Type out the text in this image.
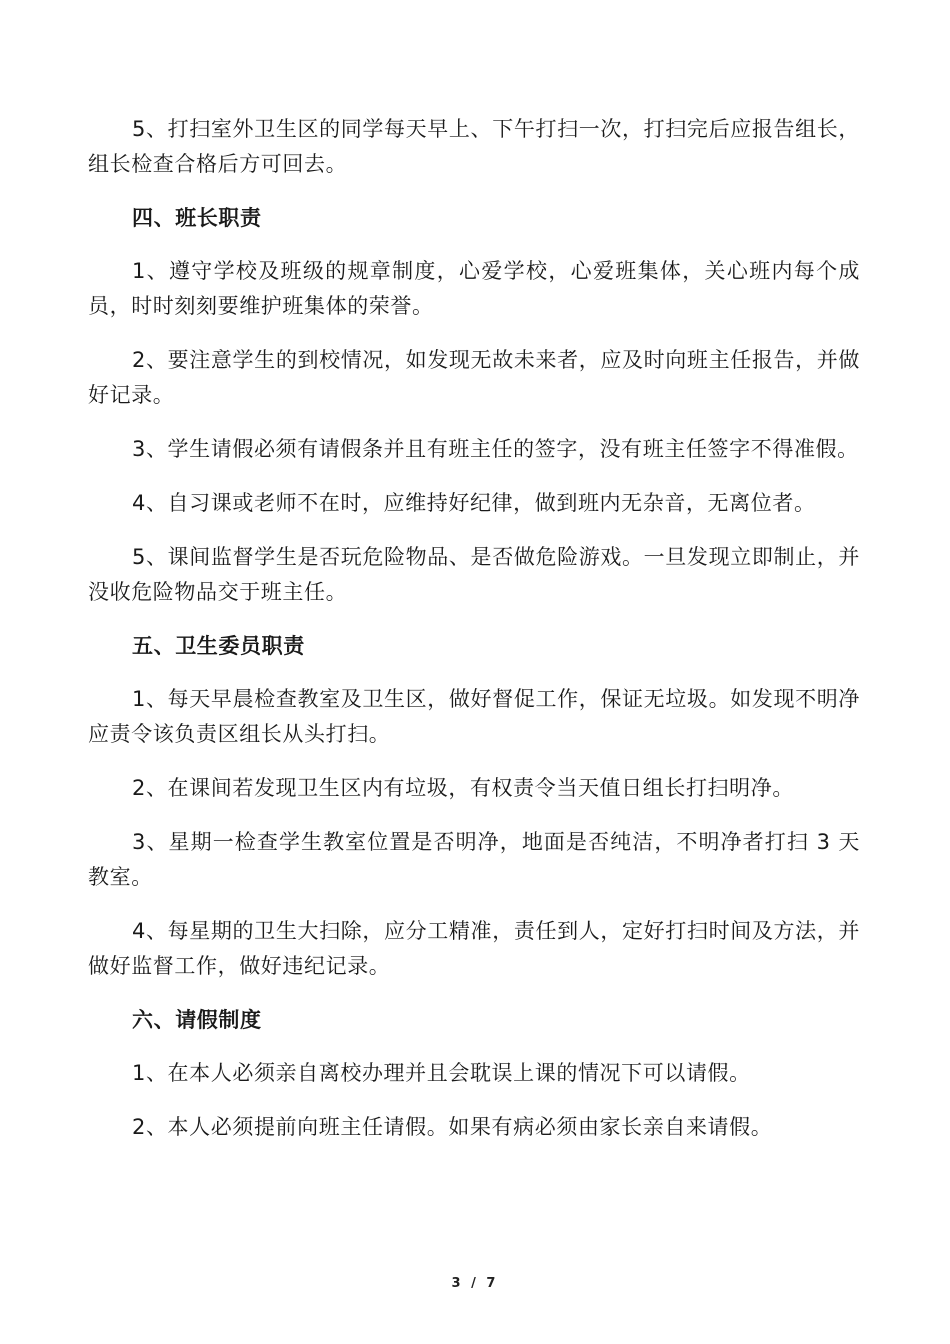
5、打扫室外卫生区的同学每天早上、下午打扫一次，打扫完后应报告组长，组长检查合格后方可回去。

四、班长职责

1、遵守学校及班级的规章制度，心爱学校，心爱班集体，关心班内每个成员，时时刻刻要维护班集体的荣誉。

2、要注意学生的到校情况，如发现无故未来者，应及时向班主任报告，并做好记录。

3、学生请假必须有请假条并且有班主任的签字，没有班主任签字不得准假。

4、自习课或老师不在时，应维持好纪律，做到班内无杂音，无离位者。

5、课间监督学生是否玩危险物品、是否做危险游戏。一旦发现立即制止，并没收危险物品交于班主任。

五、卫生委员职责

1、每天早晨检查教室及卫生区，做好督促工作，保证无垃圾。如发现不明净应责令该负责区组长从头打扫。

2、在课间若发现卫生区内有垃圾，有权责令当天值日组长打扫明净。

3、星期一检查学生教室位置是否明净，地面是否纯洁，不明净者打扫 3 天教室。

4、每星期的卫生大扫除，应分工精准，责任到人，定好打扫时间及方法，并做好监督工作，做好违纪记录。

六、请假制度

1、在本人必须亲自离校办理并且会耽误上课的情况下可以请假。

2、本人必须提前向班主任请假。如果有病必须由家长亲自来请假。

3 / 7
